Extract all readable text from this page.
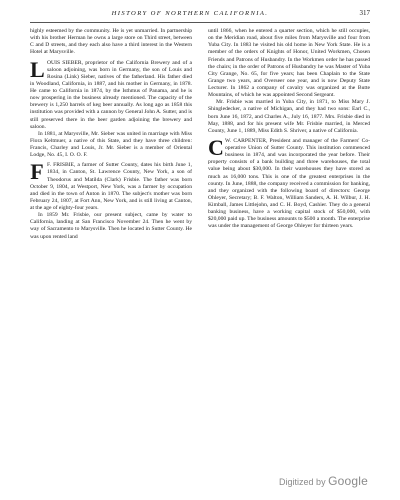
HISTORY OF NORTHERN CALIFORNIA.	317

highly esteemed by the community. He is yet unmarried. In partnership with his brother Herman he owns a large store on Third street, between C and D streets, and they each also have a third interest in the Western Hotel at Marysville.

L OUIS SIEBER, proprietor of the California Brewery and of a saloon adjoining, was born in Germany, the son of Louis and Rosina (Link) Sieber, natives of the fatherland. His father died in Woodland, California, in 1887, and his mother in Germany, in 1878. He came to California in 1874, by the Isthmus of Panama, and he is now prospering in the business already mentioned. The capacity of the brewery is 1,250 barrels of keg beer annually. As long ago as 1858 this institution was provided with a cannon by General John A. Sutter, and is still preserved there in the beer garden adjoining the brewery and saloon.

In 1881, at Marysville, Mr. Sieber was united in marriage with Miss Flora Keltmuer, a native of this State, and they have three children: Francis, Charley and Louis, Jr. Mr. Sieber is a member of Oriental Lodge, No. 45, I. O. O. F.

F F. FRISBIE, a farmer of Sutter County, dates his birth June 1, 1834, in Canton, St. Lawrence County, New York, a son of Theodorus and Matilda (Clark) Frisbie. The father was born October 9, 1804, at Westport, New York, was a farmer by occupation and died in the town of Anton in 1870. The subject's mother was born February 24, 1807, at Fort Ann, New York, and is still living at Canton, at the age of eighty-four years.

In 1859 Mr. Frisbie, our present subject, came by water to California, landing at San Francisco November 24. Then he went by way of Sacramento to Marysville. Then he located in Sutter County. He was upon rented land

until 1866, when he entered a quarter section, which he still occupies, on the Meridian road, about five miles from Marysville and four from Yuba City. In 1883 he visited his old home in New York State. He is a member of the orders of Knights of Honor, United Workmen, Chosen Friends and Patrons of Husbandry. In the Workmen order he has passed the chairs; in the order of Patrons of Husbandry he was Master of Yuba City Grange, No. 65, for five years; has been Chaplain to the State Grange two years, and Overseer one year, and is now Deputy State Lecturer. In 1862 a company of cavalry was organized at the Butte Mountains, of which he was appointed Second Sergeant.

Mr. Frisbie was married in Yuba City, in 1871, to Miss Mary J. Shingledecker, a native of Michigan, and they had two sons: Earl C., born June 16, 1872, and Charles A., July 16, 1877. Mrs. Frisbie died in May, 1888, and for his present wife Mr. Frisbie married, in Merced County, June 1, 1889, Miss Edith S. Shriver, a native of California.

C W. CARPENTER, President and manager of the Farmers' Co-operative Union of Sutter County. This institution commenced business in 1874, and was incorporated the year before. Their property consists of a bank building and three warehouses, the total value being about $30,000. In their warehouses they have stored as much as 16,000 tons. This is one of the greatest enterprises in the county. In June, 1888, the company received a commission for banking, and they organized with the following board of directors: George Ohleyer, Secretary; B. F. Walton, William Sanders, A. H. Wilbur, J. H. Kimball, James Littlejohn, and C. H. Boyd, Cashier. They do a general banking business, have a working capital stock of $50,000, with $20,000 paid up. The business amounts to $500 a month. The enterprise was under the management of George Ohleyer for thirteen years.

Digitized by Google
